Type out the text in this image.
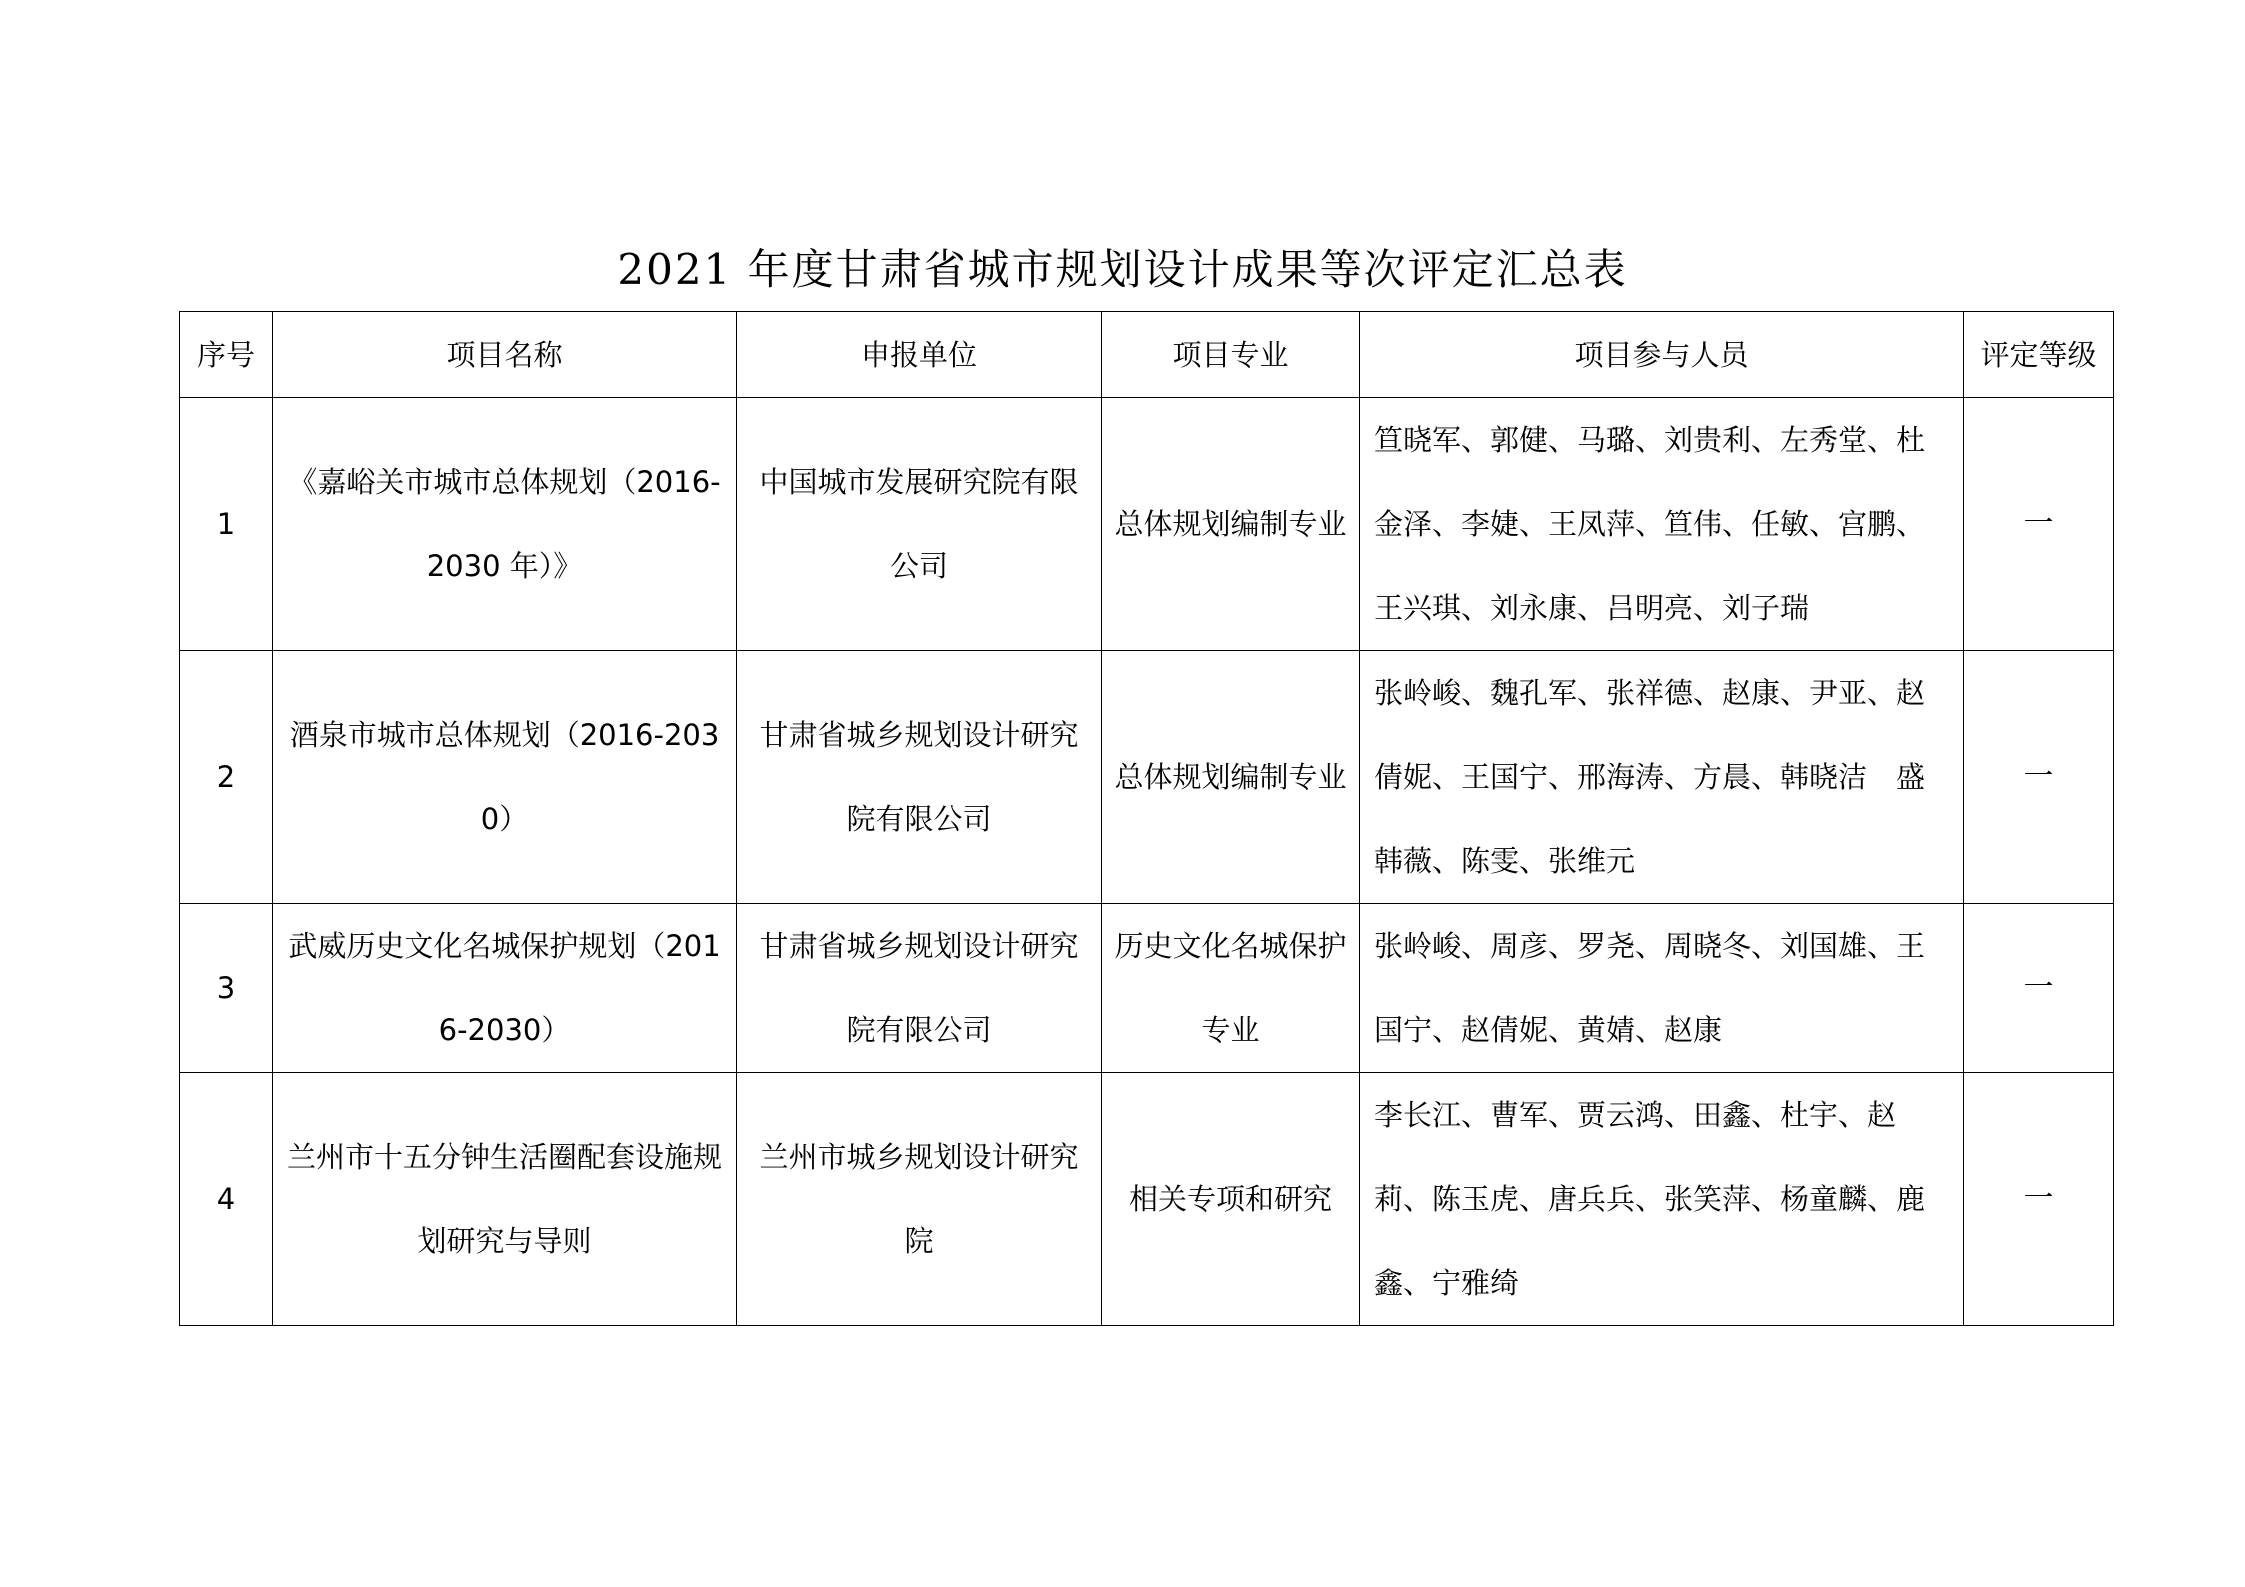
2021 年度甘肃省城市规划设计成果等次评定汇总表
序号	项目名称	申报单位	项目专业	项目参与人员	评定等级
1	《嘉峪关市城市总体规划（2016-2030 年）》	中国城市发展研究院有限公司	总体规划编制专业	笪晓军、郭健、马璐、刘贵利、左秀堂、杜金泽、李婕、王凤萍、笪伟、任敏、宫鹏、王兴琪、刘永康、吕明亮、刘子瑞	一
2	酒泉市城市总体规划（2016-2030）	甘肃省城乡规划设计研究院有限公司	总体规划编制专业	张岭峻、魏孔军、张祥德、赵康、尹亚、赵倩妮、王国宁、邢海涛、方晨、韩晓洁　盛韩薇、陈雯、张维元	一
3	武威历史文化名城保护规划（2016-2030）	甘肃省城乡规划设计研究院有限公司	历史文化名城保护专业	张岭峻、周彦、罗尧、周晓冬、刘国雄、王国宁、赵倩妮、黄婧、赵康	一
4	兰州市十五分钟生活圈配套设施规划研究与导则	兰州市城乡规划设计研究院	相关专项和研究	李长江、曹军、贾云鸿、田鑫、杜宇、赵　莉、陈玉虎、唐兵兵、张笑萍、杨童麟、鹿鑫、宁雅绮	一
